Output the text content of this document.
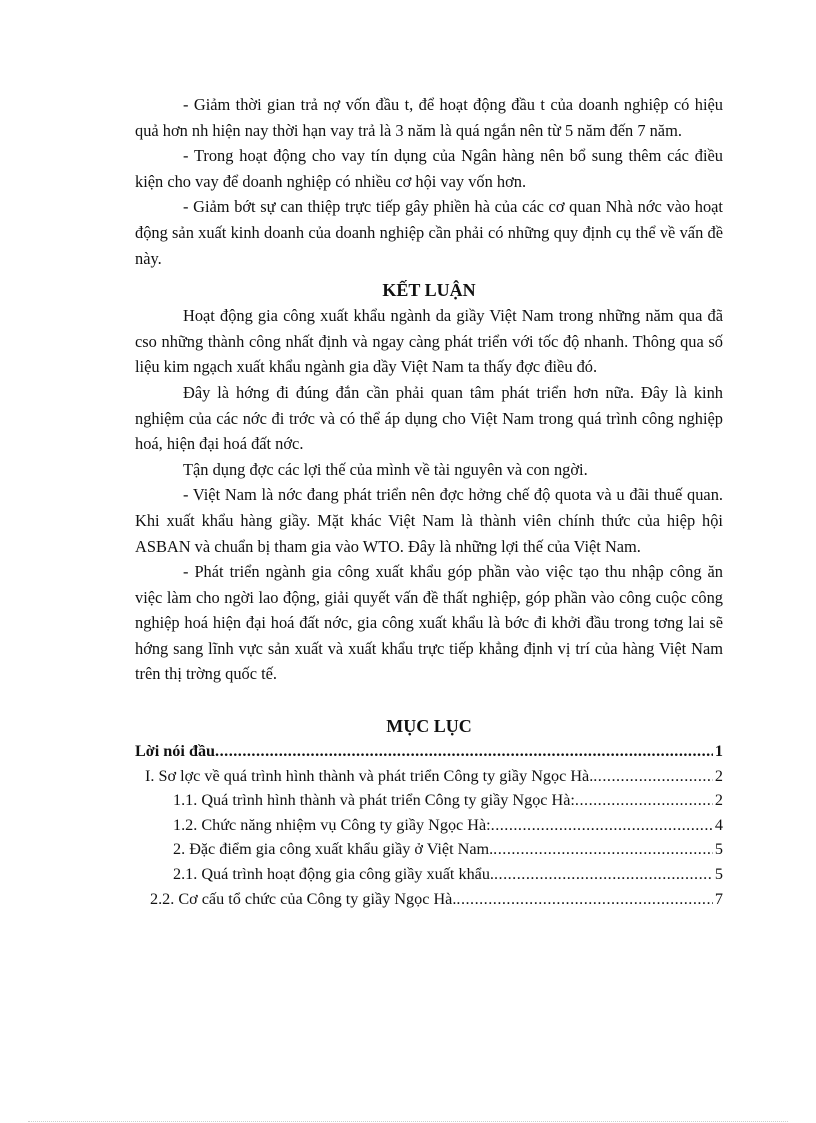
- Giảm thời gian trả nợ vốn đầu t, để hoạt động đầu t của doanh nghiệp có hiệu quả hơn nh hiện nay thời hạn vay trả là 3 năm là quá ngắn nên từ 5 năm đến 7 năm.

- Trong hoạt động cho vay tín dụng của Ngân hàng nên bổ sung thêm các điều kiện cho vay để doanh nghiệp có nhiều cơ hội vay vốn hơn.

- Giảm bớt sự can thiệp trực tiếp gây phiền hà của các cơ quan Nhà nớc vào hoạt động sản xuất kinh doanh của doanh nghiệp cần phải có những quy định cụ thể về vấn đề này.

KẾT LUẬN

Hoạt động gia công xuất khẩu ngành da giầy Việt Nam trong những năm qua đã cso những thành công nhất định và ngay càng phát triển với tốc độ nhanh. Thông qua số liệu kim ngạch xuất khẩu ngành gia dầy Việt Nam ta thấy đợc điều đó.

Đây là hớng đi đúng đắn cần phải quan tâm phát triển hơn nữa. Đây là kinh nghiệm của các nớc đi trớc và có thể áp dụng cho Việt Nam trong quá trình công nghiệp hoá, hiện đại hoá đất nớc.

Tận dụng đợc các lợi thế của mình về tài nguyên và con ngời.

- Việt Nam là nớc đang phát triển nên đợc hởng chế độ quota và u đãi thuế quan. Khi xuất khẩu hàng giầy. Mặt khác Việt Nam là thành viên chính thức của hiệp hội ASBAN và chuẩn bị tham gia vào WTO. Đây là những lợi thế của Việt Nam.

- Phát triển ngành gia công xuất khẩu góp phần vào việc tạo thu nhập công ăn việc làm cho ngời lao động, giải quyết vấn đề thất nghiệp, góp phần vào công cuộc công nghiệp hoá hiện đại hoá đất nớc, gia công xuất khẩu là bớc đi khởi đầu trong tơng lai sẽ hớng sang lĩnh vực sản xuất và xuất khẩu trực tiếp khẳng định vị trí của hàng Việt Nam trên thị trờng quốc tế.

MỤC LỤC
Lời nói đầu .....	1
I. Sơ lợc về quá trình hình thành và phát triển Công ty giầy Ngọc Hà. .....	2
1.1. Quá trình hình thành và phát triển Công ty giầy Ngọc Hà: .....	2
1.2. Chức năng nhiệm vụ Công ty giầy Ngọc Hà: .....	4
2. Đặc điểm gia công xuất khẩu giầy ở Việt Nam. .....	5
2.1. Quá trình hoạt động gia công giầy xuất khẩu. .....	5
2.2. Cơ cấu tổ chức của Công ty giầy Ngọc Hà. .....	7
